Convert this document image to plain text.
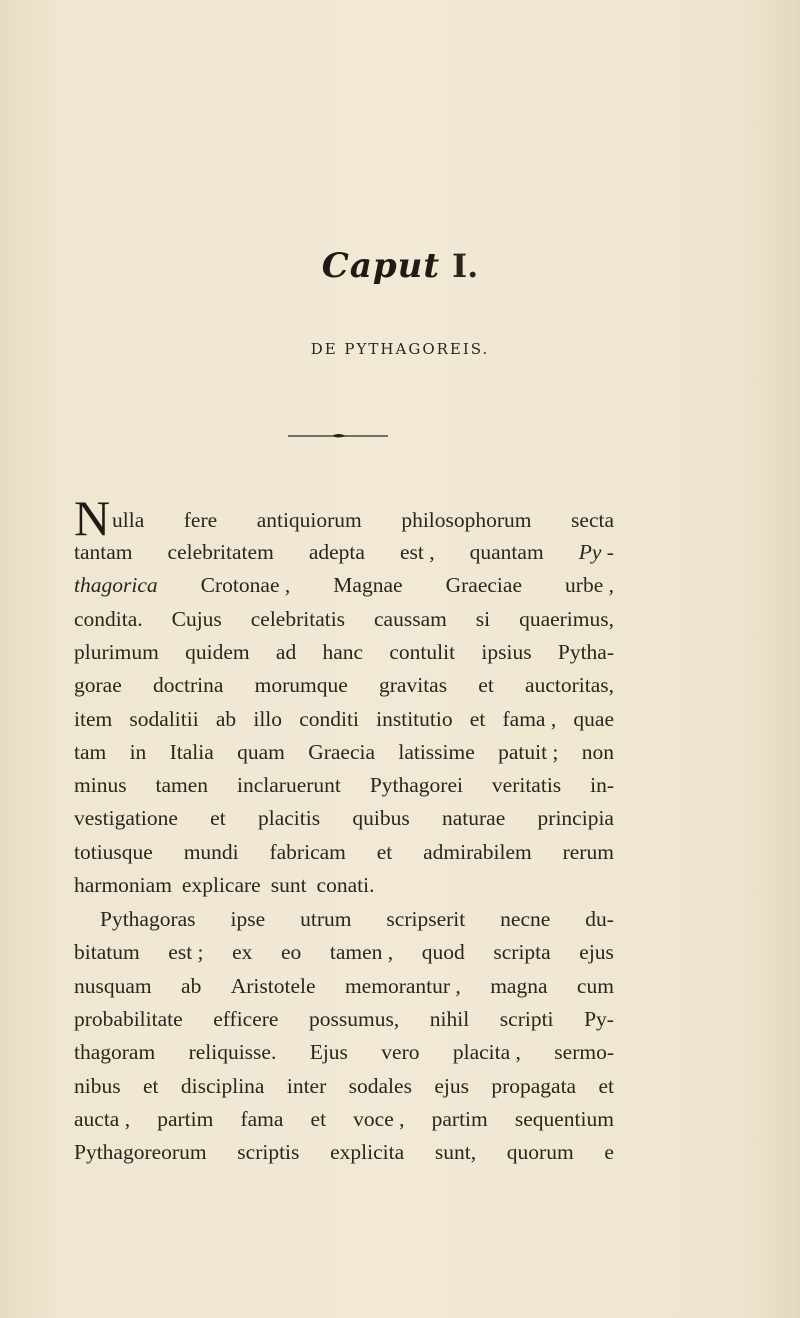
Caput I.
DE PYTHAGOREIS.
N ulla fere antiquiorum philosophorum secta
tantam celebritatem adepta est , quantam Py -
thagorica Crotonae , Magnae Graeciae urbe ,
condita. Cujus celebritatis caussam si quaerimus,
plurimum quidem ad hanc contulit ipsius Pytha-
gorae doctrina morumque gravitas et auctoritas,
item sodalitii ab illo conditi institutio et fama , quae
tam in Italia quam Graecia latissime patuit ; non
minus tamen inclaruerunt Pythagorei veritatis in-
vestigatione et placitis quibus naturae principia
totiusque mundi fabricam et admirabilem rerum
harmoniam explicare sunt conati.
Pythagoras ipse utrum scripserit necne du-
bitatum est ; ex eo tamen , quod scripta ejus
nusquam ab Aristotele memorantur , magna cum
probabilitate efficere possumus, nihil scripti Py-
thagoram reliquisse. Ejus vero placita , sermo-
nibus et disciplina inter sodales ejus propagata et
aucta , partim fama et voce , partim sequentium
Pythagoreorum scriptis explicita sunt, quorum e
